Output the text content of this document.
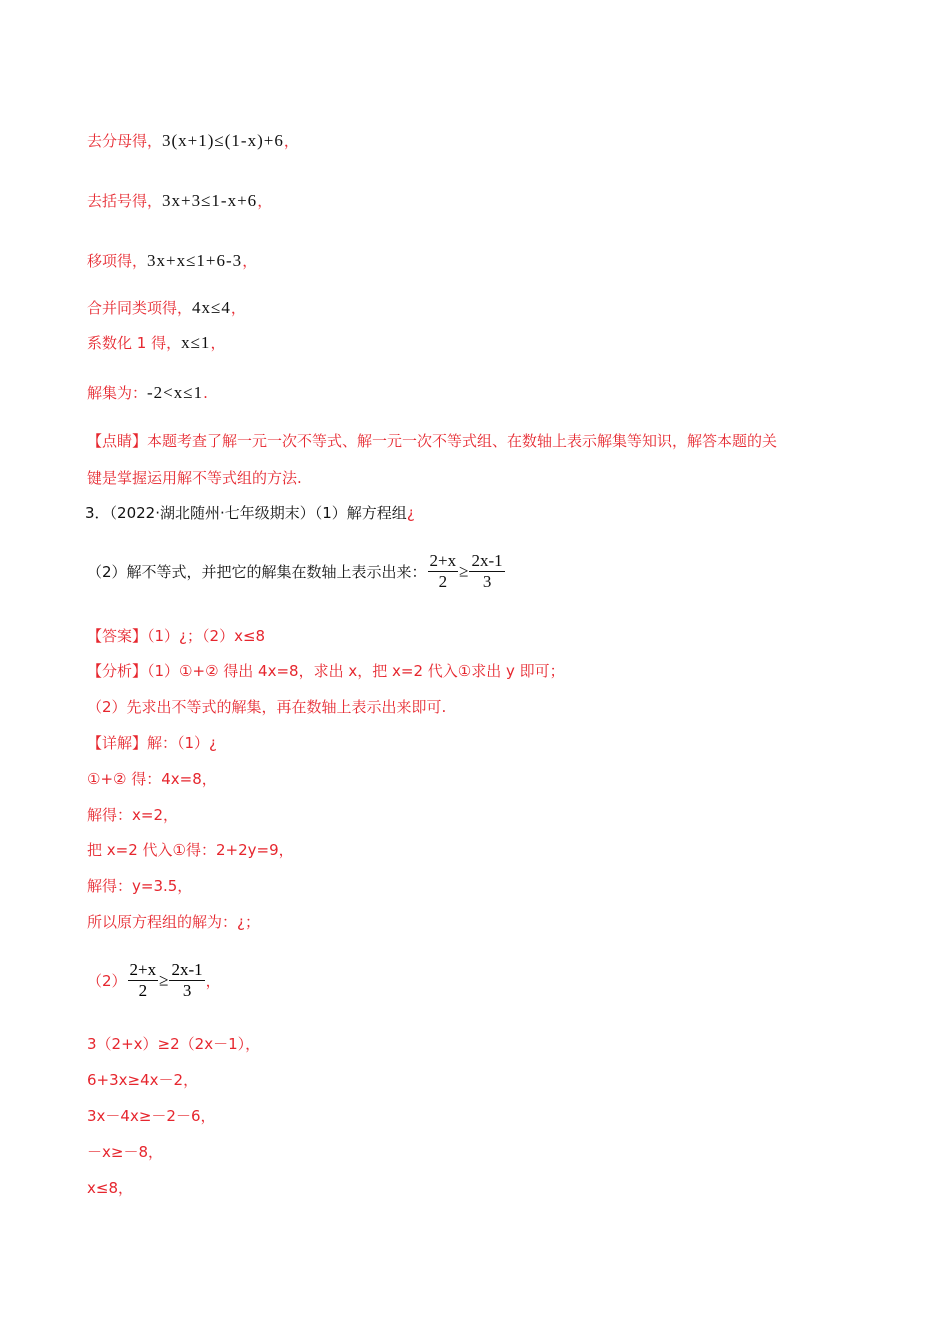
去分母得，3(x+1)≤(1-x)+6，
去括号得，3x+3≤1-x+6，
移项得，3x+x≤1+6-3，
合并同类项得，4x≤4，
系数化 1 得，x≤1，
解集为：-2<x≤1.
【点睛】本题考查了解一元一次不等式、解一元一次不等式组、在数轴上表示解集等知识，解答本题的关
键是掌握运用解不等式组的方法.
3．（2022·湖北随州·七年级期末）（1）解方程组¿
（2）解不等式，并把它的解集在数轴上表示出来： $\frac{2+x}{2} \ge \frac{2x-1}{3}$
【答案】（1）¿；（2）x≤8
【分析】（1）①+② 得出 4x=8，求出 x，把 x=2 代入①求出 y 即可；
（2）先求出不等式的解集，再在数轴上表示出来即可.
【详解】解：（1）¿
①+② 得：4x=8，
解得：x=2，
把 x=2 代入①得：2+2y=9，
解得：y=3.5，
所以原方程组的解为：¿；
$(2) \frac{2+x}{2} \ge \frac{2x-1}{3}$ ，
3（2+x）≥2（2x－1），
6+3x≥4x－2，
3x－4x≥－2－6，
－x≥－8，
x≤8，
